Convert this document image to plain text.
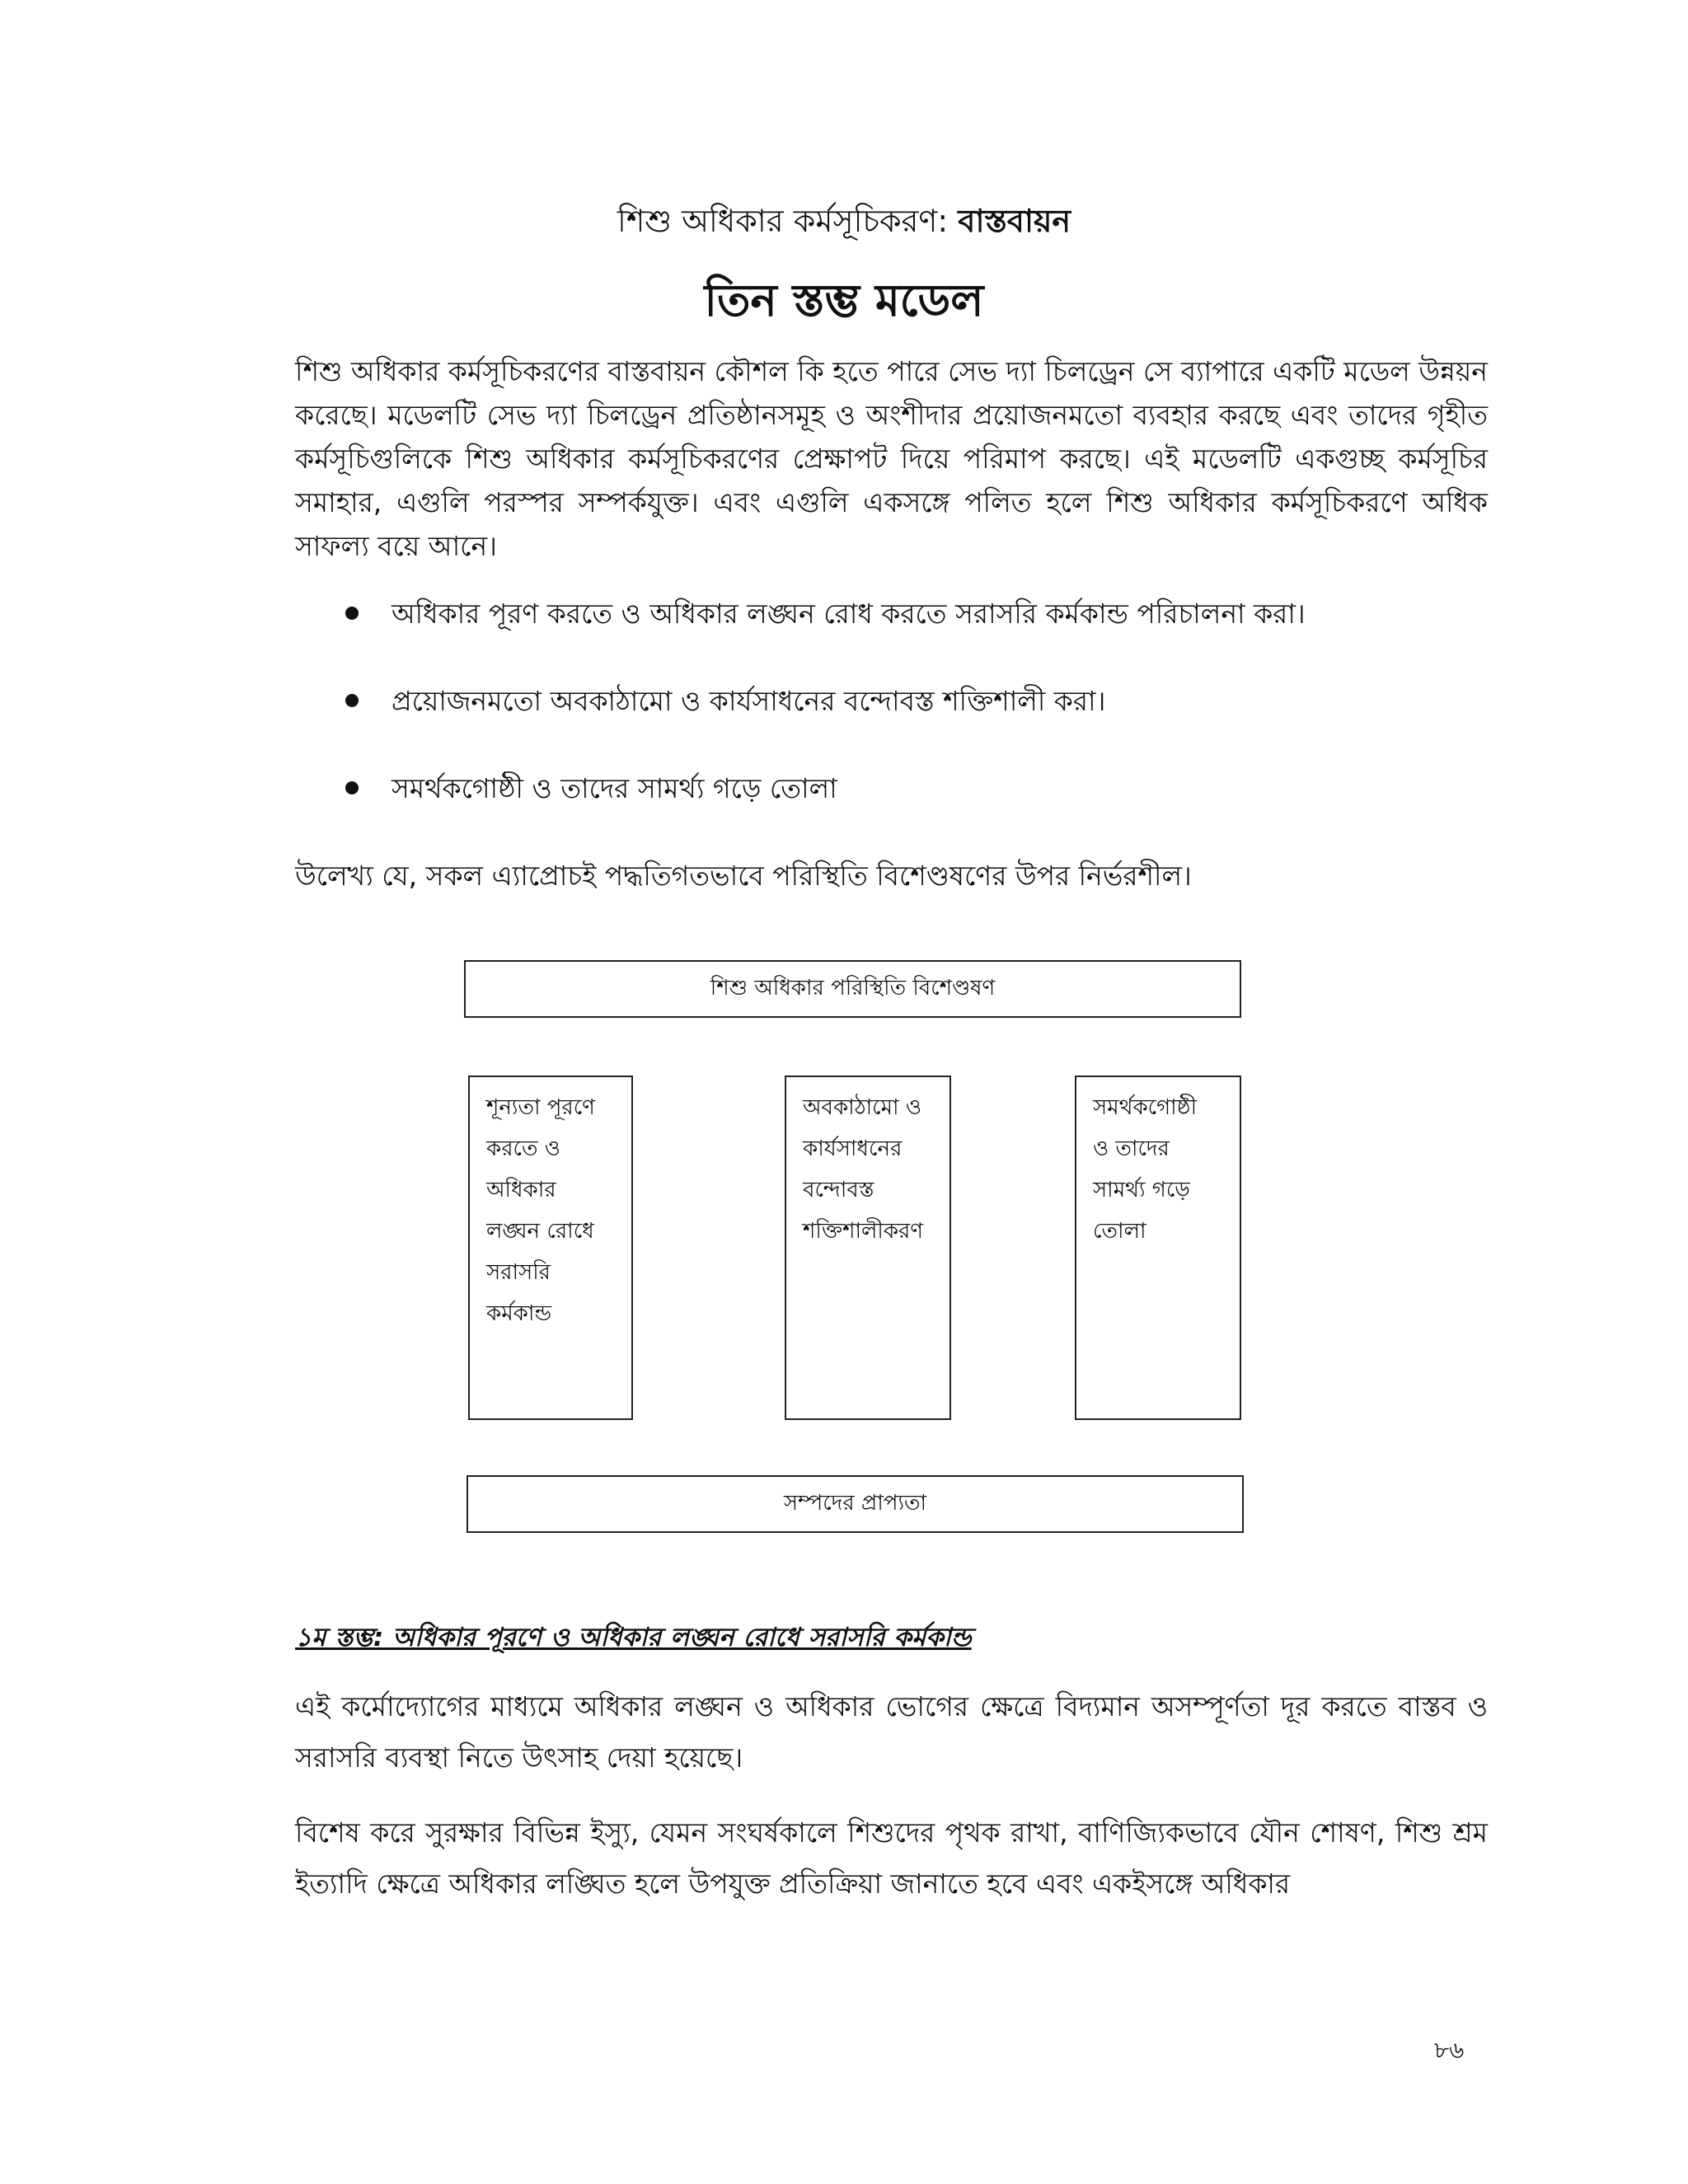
শিশু অধিকার কর্মসূচিকরণ: বাস্তবায়ন
তিন স্তম্ভ মডেল
শিশু অধিকার কর্মসূচিকরণের বাস্তবায়ন কৌশল কি হতে পারে সেভ দ্যা চিলড্রেন সে ব্যাপারে একটি মডেল উন্নয়ন করেছে। মডেলটি সেভ দ্যা চিলড্রেন প্রতিষ্ঠানসমূহ ও অংশীদার প্রয়োজনমতো ব্যবহার করছে এবং তাদের গৃহীত কর্মসূচিগুলিকে শিশু অধিকার কর্মসূচিকরণের প্রেক্ষাপট দিয়ে পরিমাপ করছে। এই মডেলটি একগুচ্ছ কর্মসূচির সমাহার, এগুলি পরস্পর সম্পর্কযুক্ত। এবং এগুলি একসঙ্গে পলিত হলে শিশু অধিকার কর্মসূচিকরণে অধিক সাফল্য বয়ে আনে।
অধিকার পূরণ করতে ও অধিকার লঙ্ঘন রোধ করতে সরাসরি কর্মকান্ড পরিচালনা করা।
প্রয়োজনমতো অবকাঠামো ও কার্যসাধনের বন্দোবস্ত শক্তিশালী করা।
সমর্থকগোষ্ঠী ও তাদের সামর্থ্য গড়ে তোলা
উলেখ্য যে, সকল এ্যাপ্রোচই পদ্ধতিগতভাবে পরিস্থিতি বিশেণ্ডষণের উপর নির্ভরশীল।
শিশু অধিকার পরিস্থিতি বিশেণ্ডষণ
শূন্যতা পূরণে
করতে ও
অধিকার
লঙ্ঘন রোধে
সরাসরি
কর্মকান্ড
অবকাঠামো ও
কার্যসাধনের
বন্দোবস্ত
শক্তিশালীকরণ
সমর্থকগোষ্ঠী
ও তাদের
সামর্থ্য গড়ে
তোলা
সম্পদের প্রাপ্যতা
১ম স্তম্ভ: অধিকার পূরণে ও অধিকার লঙ্ঘন রোধে সরাসরি কর্মকান্ড
এই কর্মোদ্যোগের মাধ্যমে অধিকার লঙ্ঘন ও অধিকার ভোগের ক্ষেত্রে বিদ্যমান অসম্পূর্ণতা দূর করতে বাস্তব ও সরাসরি ব্যবস্থা নিতে উৎসাহ দেয়া হয়েছে।
বিশেষ করে সুরক্ষার বিভিন্ন ইস্যু, যেমন সংঘর্ষকালে শিশুদের পৃথক রাখা, বাণিজ্যিকভাবে যৌন শোষণ, শিশু শ্রম ইত্যাদি ক্ষেত্রে অধিকার লঙ্ঘিত হলে উপযুক্ত প্রতিক্রিয়া জানাতে হবে এবং একইসঙ্গে অধিকার
৮৬
